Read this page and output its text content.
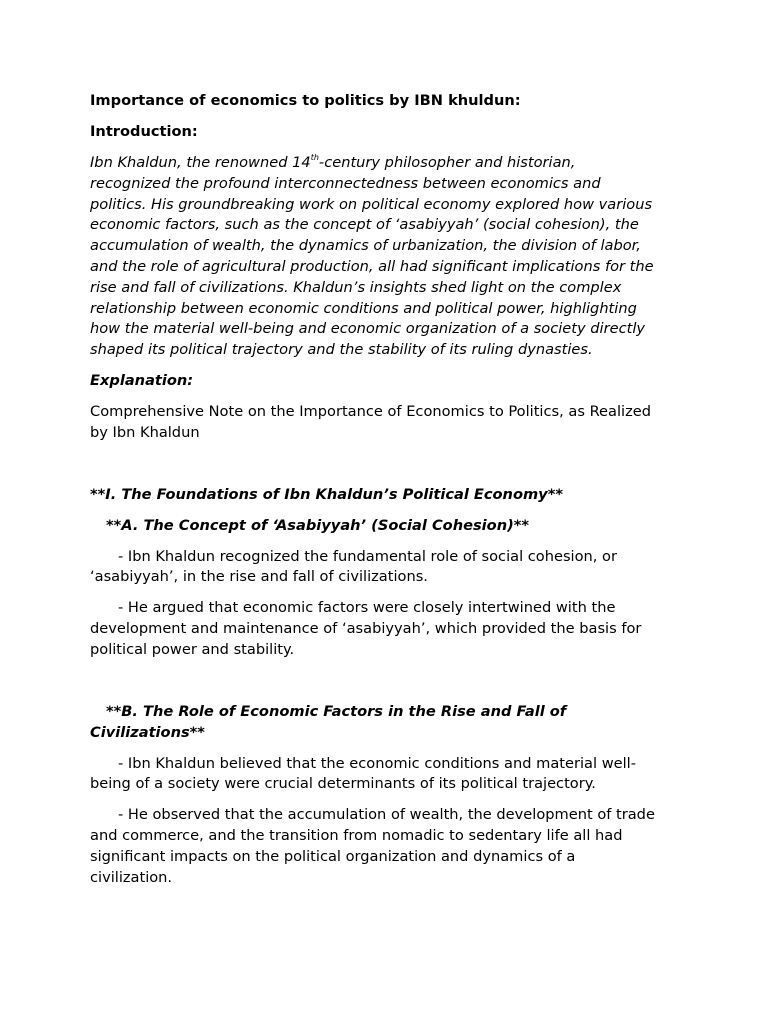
Importance of economics to politics by IBN khuldun:

Introduction:

Ibn Khaldun, the renowned 14th-century philosopher and historian,

recognized the profound interconnectedness between economics and

politics. His groundbreaking work on political economy explored how various

economic factors, such as the concept of ‘asabiyyah’ (social cohesion), the

accumulation of wealth, the dynamics of urbanization, the division of labor,

and the role of agricultural production, all had significant implications for the

rise and fall of civilizations. Khaldun’s insights shed light on the complex

relationship between economic conditions and political power, highlighting

how the material well-being and economic organization of a society directly

shaped its political trajectory and the stability of its ruling dynasties.

Explanation:

Comprehensive Note on the Importance of Economics to Politics, as Realized

by Ibn Khaldun

**I. The Foundations of Ibn Khaldun’s Political Economy**

**A. The Concept of ‘Asabiyyah’ (Social Cohesion)**

- Ibn Khaldun recognized the fundamental role of social cohesion, or

‘asabiyyah’, in the rise and fall of civilizations.

- He argued that economic factors were closely intertwined with the

development and maintenance of ‘asabiyyah’, which provided the basis for

political power and stability.

**B. The Role of Economic Factors in the Rise and Fall of

Civilizations**

- Ibn Khaldun believed that the economic conditions and material well-

being of a society were crucial determinants of its political trajectory.

- He observed that the accumulation of wealth, the development of trade

and commerce, and the transition from nomadic to sedentary life all had

significant impacts on the political organization and dynamics of a

civilization.
